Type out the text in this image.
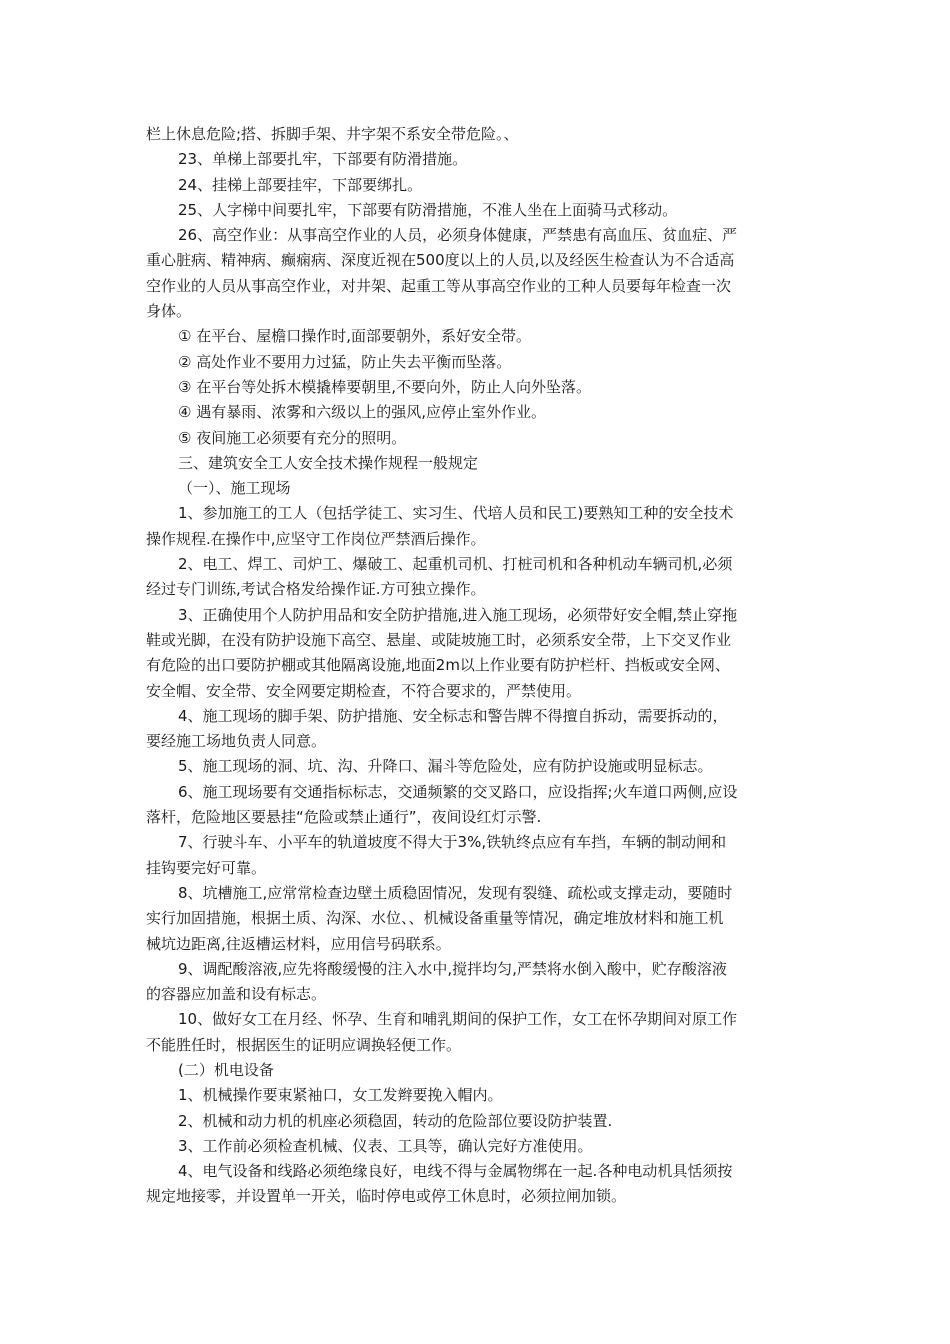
栏上休息危险;搭、拆脚手架、井字架不系安全带危险。、
23、单梯上部要扎牢，下部要有防滑措施。
24、挂梯上部要挂牢，下部要绑扎。
25、人字梯中间要扎牢，下部要有防滑措施，不准人坐在上面骑马式移动。
26、高空作业：从事高空作业的人员，必须身体健康，严禁患有高血压、贫血症、严
重心脏病、精神病、癫痫病、深度近视在500度以上的人员,以及经医生检查认为不合适高
空作业的人员从事高空作业，对井架、起重工等从事高空作业的工种人员要每年检查一次
身体。
① 在平台、屋檐口操作时,面部要朝外，系好安全带。
② 高处作业不要用力过猛，防止失去平衡而坠落。
③ 在平台等处拆木模撬棒要朝里,不要向外，防止人向外坠落。
④ 遇有暴雨、浓雾和六级以上的强风,应停止室外作业。
⑤ 夜间施工必须要有充分的照明。
三、建筑安全工人安全技术操作规程一般规定
（一）、施工现场
1、参加施工的工人（包括学徒工、实习生、代培人员和民工)要熟知工种的安全技术
操作规程.在操作中,应坚守工作岗位严禁酒后操作。
2、电工、焊工、司炉工、爆破工、起重机司机、打桩司机和各种机动车辆司机,必须
经过专门训练,考试合格发给操作证.方可独立操作。
3、正确使用个人防护用品和安全防护措施,进入施工现场，必须带好安全帽,禁止穿拖
鞋或光脚，在没有防护设施下高空、悬崖、或陡坡施工时，必须系安全带，上下交叉作业
有危险的出口要防护棚或其他隔离设施,地面2m以上作业要有防护栏杆、挡板或安全网、
安全帽、安全带、安全网要定期检查，不符合要求的，严禁使用。
4、施工现场的脚手架、防护措施、安全标志和警告牌不得擅自拆动，需要拆动的，
要经施工场地负责人同意。
5、施工现场的洞、坑、沟、升降口、漏斗等危险处，应有防护设施或明显标志。
6、施工现场要有交通指标标志，交通频繁的交叉路口，应设指挥;火车道口两侧,应设
落杆，危险地区要悬挂“危险或禁止通行”，夜间设红灯示警.
7、行驶斗车、小平车的轨道坡度不得大于3%,铁轨终点应有车挡，车辆的制动闸和
挂钩要完好可靠。
8、坑槽施工,应常常检查边壁土质稳固情况，发现有裂缝、疏松或支撑走动，要随时
实行加固措施，根据土质、沟深、水位、、机械设备重量等情况，确定堆放材料和施工机
械坑边距离,往返槽运材料，应用信号码联系。
9、调配酸溶液,应先将酸缓慢的注入水中,搅拌均匀,严禁将水倒入酸中，贮存酸溶液
的容器应加盖和设有标志。
10、做好女工在月经、怀孕、生育和哺乳期间的保护工作，女工在怀孕期间对原工作
不能胜任时，根据医生的证明应调换轻便工作。
(二）机电设备
1、机械操作要束紧袖口，女工发辫要挽入帽内。
2、机械和动力机的机座必须稳固，转动的危险部位要设防护装置.
3、工作前必须检查机械、仪表、工具等，确认完好方准使用。
4、电气设备和线路必须绝缘良好，电线不得与金属物绑在一起.各种电动机具恬须按
规定地接零，并设置单一开关，临时停电或停工休息时，必须拉闸加锁。
